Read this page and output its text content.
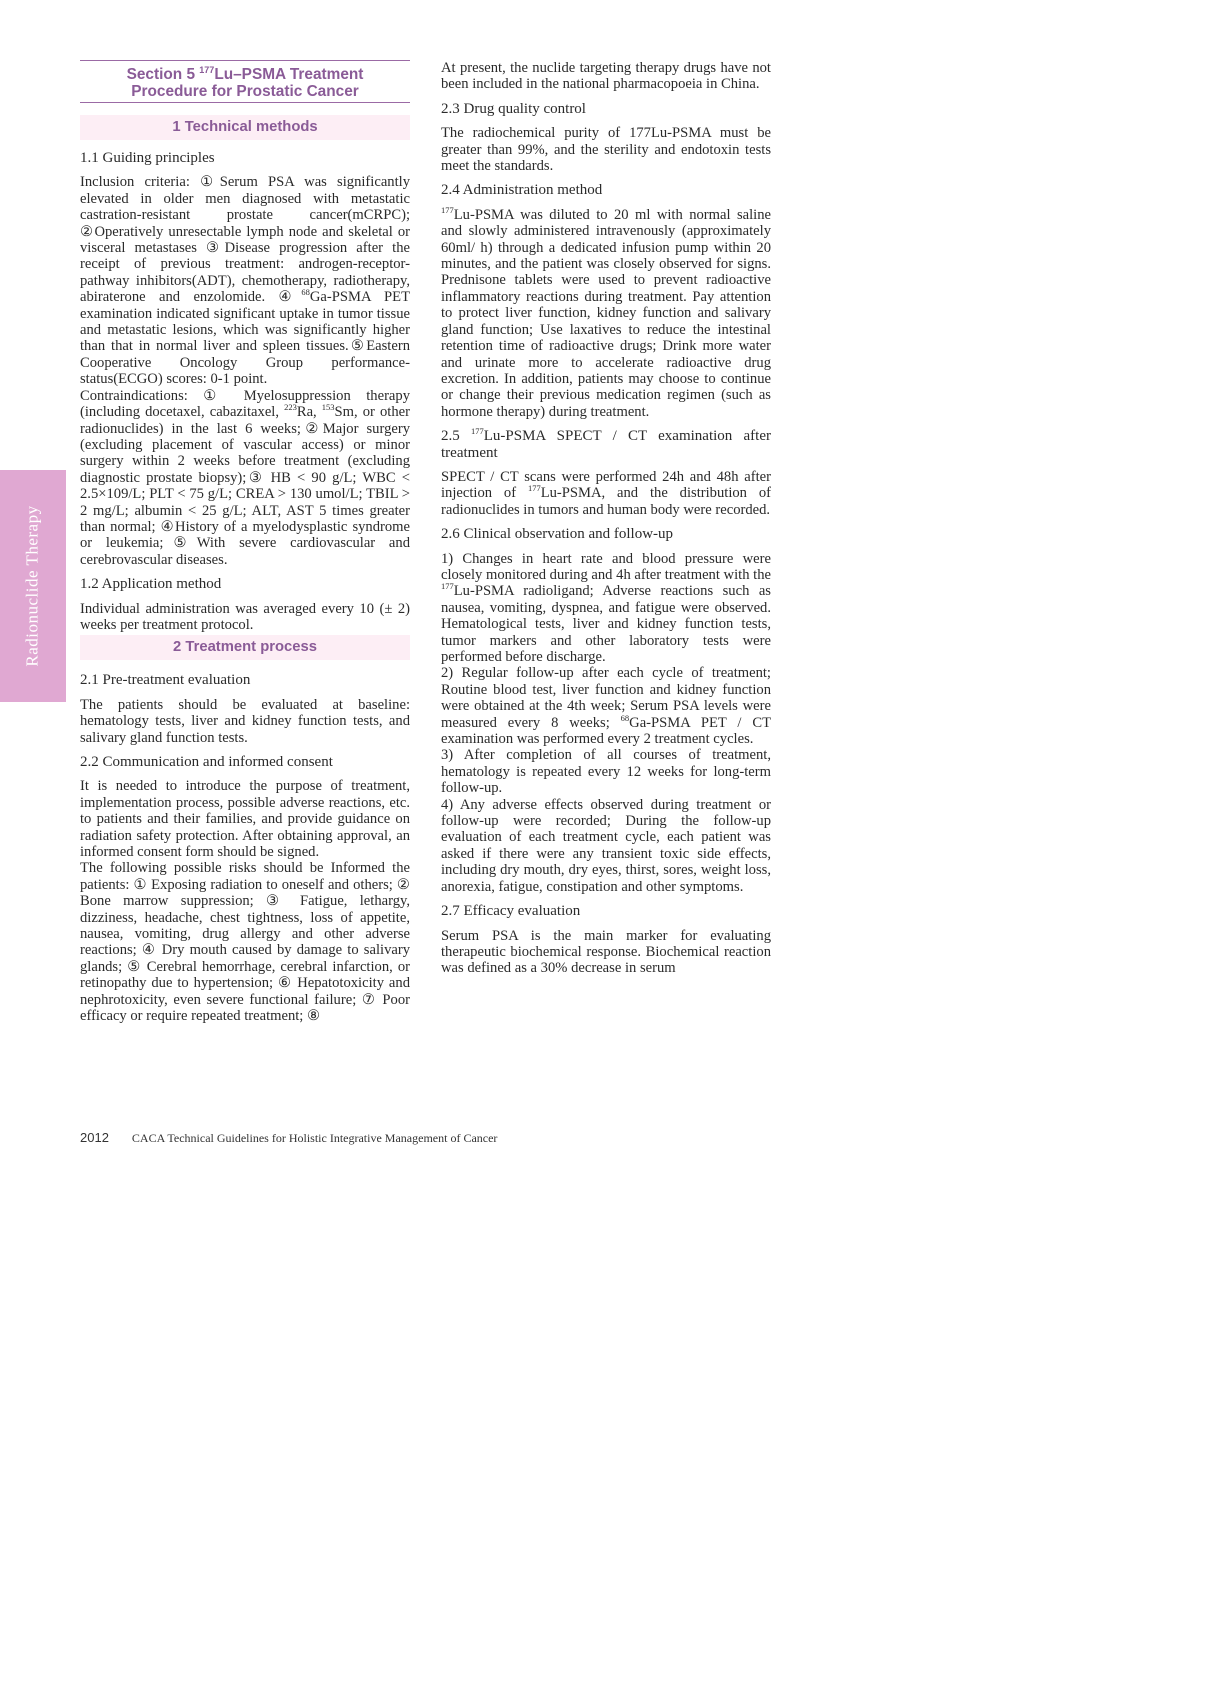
Radionuclide Therapy
Section 5 $^{177}$Lu–PSMA Treatment
Procedure for Prostatic Cancer
1 Technical methods
1.1 Guiding principles

Inclusion criteria: ①Serum PSA was significantly elevated in older men diagnosed with metastatic castration-resistant prostate cancer(mCRPC); ②Operatively unresectable lymph node and skeletal or visceral metastases ③Disease progression after the receipt of previous treatment: androgen-receptor-pathway inhibitors(ADT), chemotherapy, radiotherapy, abiraterone and enzolomide. ④$^{68}$Ga-PSMA PET examination indicated significant uptake in tumor tissue and metastatic lesions, which was significantly higher than that in normal liver and spleen tissues.⑤Eastern Cooperative Oncology Group performance-status(ECGO) scores: 0-1 point.

Contraindications: ① Myelosuppression therapy (including docetaxel, cabazitaxel, $^{223}$Ra, $^{153}$Sm, or other radionuclides) in the last 6 weeks;②Major surgery (excluding placement of vascular access) or minor surgery within 2 weeks before treatment (excluding diagnostic prostate biopsy);③ HB < 90 g/L; WBC < 2.5×109/L; PLT < 75 g/L; CREA > 130 umol/L; TBIL > 2 mg/L; albumin < 25 g/L; ALT, AST 5 times greater than normal; ④History of a myelodysplastic syndrome or leukemia;⑤With severe cardiovascular and cerebrovascular diseases.

1.2 Application method

Individual administration was averaged every 10 (± 2) weeks per treatment protocol.

2 Treatment process
2.1 Pre-treatment evaluation

The patients should be evaluated at baseline: hematology tests, liver and kidney function tests, and salivary gland function tests.

2.2 Communication and informed consent

It is needed to introduce the purpose of treatment, implementation process, possible adverse reactions, etc. to patients and their families, and provide guidance on radiation safety protection. After obtaining approval, an informed consent form should be signed.

The following possible risks should be Informed the patients: ① Exposing radiation to oneself and others; ② Bone marrow suppression; ③ Fatigue, lethargy, dizziness, headache, chest tightness, loss of appetite, nausea, vomiting, drug allergy and other adverse reactions; ④ Dry mouth caused by damage to salivary glands; ⑤ Cerebral hemorrhage, cerebral infarction, or retinopathy due to hypertension; ⑥ Hepatotoxicity and nephrotoxicity, even severe functional failure; ⑦ Poor efficacy or require repeated treatment; ⑧

At present, the nuclide targeting therapy drugs have not been included in the national pharmacopoeia in China.

2.3 Drug quality control

The radiochemical purity of 177Lu-PSMA must be greater than 99%, and the sterility and endotoxin tests meet the standards.

2.4 Administration method

$^{177}$Lu-PSMA was diluted to 20 ml with normal saline and slowly administered intravenously (approximately 60ml/ h) through a dedicated infusion pump within 20 minutes, and the patient was closely observed for signs. Prednisone tablets were used to prevent radioactive inflammatory reactions during treatment. Pay attention to protect liver function, kidney function and salivary gland function; Use laxatives to reduce the intestinal retention time of radioactive drugs; Drink more water and urinate more to accelerate radioactive drug excretion. In addition, patients may choose to continue or change their previous medication regimen (such as hormone therapy) during treatment.

2.5 $^{177}$Lu-PSMA SPECT / CT examination after treatment

SPECT / CT scans were performed 24h and 48h after injection of $^{177}$Lu-PSMA, and the distribution of radionuclides in tumors and human body were recorded.

2.6 Clinical observation and follow-up

1) Changes in heart rate and blood pressure were closely monitored during and 4h after treatment with the $^{177}$Lu-PSMA radioligand; Adverse reactions such as nausea, vomiting, dyspnea, and fatigue were observed. Hematological tests, liver and kidney function tests, tumor markers and other laboratory tests were performed before discharge.

2) Regular follow-up after each cycle of treatment; Routine blood test, liver function and kidney function were obtained at the 4th week; Serum PSA levels were measured every 8 weeks; $^{68}$Ga-PSMA PET / CT examination was performed every 2 treatment cycles.

3) After completion of all courses of treatment, hematology is repeated every 12 weeks for long-term follow-up.

4) Any adverse effects observed during treatment or follow-up were recorded; During the follow-up evaluation of each treatment cycle, each patient was asked if there were any transient toxic side effects, including dry mouth, dry eyes, thirst, sores, weight loss, anorexia, fatigue, constipation and other symptoms.

2.7 Efficacy evaluation

Serum PSA is the main marker for evaluating therapeutic biochemical response. Biochemical reaction was defined as a 30% decrease in serum

2012 CACA Technical Guidelines for Holistic Integrative Management of Cancer
